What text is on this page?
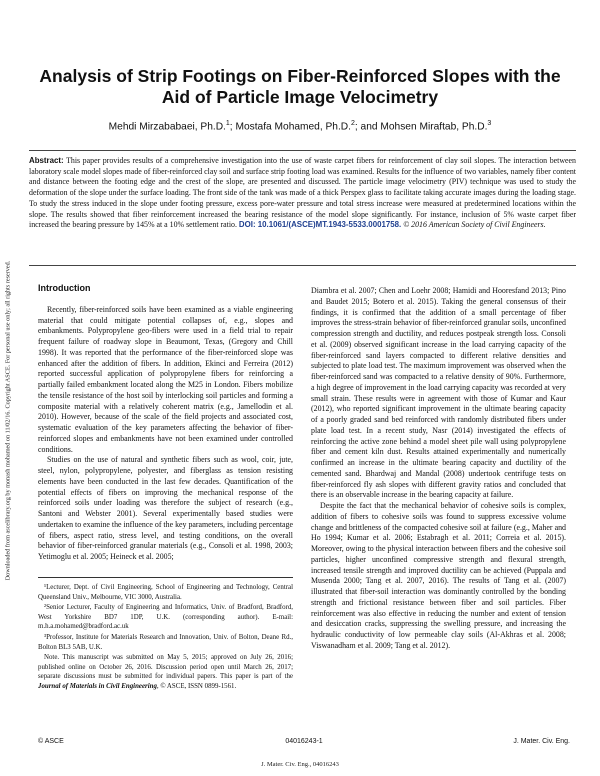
Downloaded from ascelibrary.org by monash mohamed on 11/02/16. Copyright ASCE. For personal use only; all rights reserved.
Analysis of Strip Footings on Fiber-Reinforced Slopes with the Aid of Particle Image Velocimetry
Mehdi Mirzababaei, Ph.D.$^1$; Mostafa Mohamed, Ph.D.$^2$; and Mohsen Miraftab, Ph.D.$^3$
Abstract: This paper provides results of a comprehensive investigation into the use of waste carpet fibers for reinforcement of clay soil slopes. The interaction between laboratory scale model slopes made of fiber-reinforced clay soil and surface strip footing load was examined. Results for the influence of two variables, namely fiber content and distance between the footing edge and the crest of the slope, are presented and discussed. The particle image velocimetry (PIV) technique was used to study the deformation of the slope under the surface loading. The front side of the tank was made of a thick Perspex glass to facilitate taking accurate images during the loading stage. To study the stress induced in the slope under footing pressure, excess pore-water pressure and total stress increase were measured at predetermined locations within the slope. The results showed that fiber reinforcement increased the bearing resistance of the model slope significantly. For instance, inclusion of 5% waste carpet fiber increased the bearing pressure by 145% at a 10% settlement ratio. DOI: 10.1061/(ASCE)MT.1943-5533.0001758. © 2016 American Society of Civil Engineers.
Introduction

Recently, fiber-reinforced soils have been examined as a viable engineering material that could mitigate potential collapses of, e.g., slopes and embankments. Polypropylene geo-fibers were used in a field trial to repair frequent failure of roadway slope in Beaumont, Texas, (Gregory and Chill 1998). It was reported that the performance of the fiber-reinforced slope was enhanced after the addition of fibers. In addition, Ekinci and Ferreira (2012) reported successful application of polypropylene fibers for reinforcing a partially failed embankment located along the M25 in London. Fibers mobilize the tensile resistance of the host soil by interlocking soil particles and forming a composite material with a relatively coherent matrix (e.g., Jamellodin et al. 2010). However, because of the scale of the field projects and associated cost, systematic evaluation of the key parameters affecting the behavior of fiber-reinforced slopes and embankments have not been examined under controlled conditions.

Studies on the use of natural and synthetic fibers such as wool, coir, jute, steel, nylon, polypropylene, polyester, and fiberglass as tension resisting elements have been conducted in the last few decades. Quantification of the potential effects of fibers on improving the mechanical response of the reinforced soils under loading was therefore the subject of research (e.g., Santoni and Webster 2001). Several experimentally based studies were undertaken to examine the influence of the key parameters, including percentage of fibers, aspect ratio, stress level, and testing conditions, on the overall behavior of fiber-reinforced granular materials (e.g., Consoli et al. 1998, 2003; Yetimoglu et al. 2005; Heineck et al. 2005;

Diambra et al. 2007; Chen and Loehr 2008; Hamidi and Hooresfand 2013; Pino and Baudet 2015; Botero et al. 2015). Taking the general consensus of their findings, it is confirmed that the addition of a small percentage of fiber improves the stress-strain behavior of fiber-reinforced granular soils, unconfined compression strength and ductility, and reduces postpeak strength loss. Consoli et al. (2009) observed significant increase in the load carrying capacity of the fiber-reinforced sand layers compacted to different relative densities and subjected to plate load test. The maximum improvement was observed when the fiber-reinforced sand was compacted to a relative density of 90%. Furthermore, a high degree of improvement in the load carrying capacity was recorded at very small strain. These results were in agreement with those of Kumar and Kaur (2012), who reported significant improvement in the ultimate bearing capacity of a poorly graded sand bed reinforced with randomly distributed fibers under plate load test. In a recent study, Nasr (2014) investigated the effects of reinforcing the active zone behind a model sheet pile wall using polypropylene fiber and cement kiln dust. Results attained experimentally and numerically confirmed an increase in the ultimate bearing capacity and ductility of the cemented sand. Bhardwaj and Mandal (2008) undertook centrifuge tests on fiber-reinforced fly ash slopes with different gravity ratios and concluded that there is an observable increase in the bearing capacity at failure.

Despite the fact that the mechanical behavior of cohesive soils is complex, addition of fibers to cohesive soils was found to suppress excessive volume change and brittleness of the compacted cohesive soil at failure (e.g., Maher and Ho 1994; Kumar et al. 2006; Estabragh et al. 2011; Correia et al. 2015). Moreover, owing to the physical interaction between fibers and the cohesive soil particles, higher unconfined compressive strength and flexural strength, increased tensile strength and improved ductility can be achieved (Puppala and Musenda 2000; Tang et al. 2007, 2016). The results of Tang et al. (2007) illustrated that fiber-soil interaction was dominantly controlled by the bonding strength and frictional resistance between fiber and soil particles. Fiber reinforcement was also effective in reducing the number and extent of tension and desiccation cracks, suppressing the swelling pressure, and increasing the hydraulic conductivity of low permeable clay soils (Al-Akhras et al. 2008; Viswanadham et al. 2009; Tang et al. 2012).

¹Lecturer, Dept. of Civil Engineering, School of Engineering and Technology, Central Queensland Univ., Melbourne, VIC 3000, Australia.

²Senior Lecturer, Faculty of Engineering and Informatics, Univ. of Bradford, Bradford, West Yorkshire BD7 1DP, U.K. (corresponding author). E-mail: m.h.a.mohamed@bradford.ac.uk

³Professor, Institute for Materials Research and Innovation, Univ. of Bolton, Deane Rd., Bolton BL3 5AB, U.K.

Note. This manuscript was submitted on May 5, 2015; approved on July 26, 2016; published online on October 26, 2016. Discussion period open until March 26, 2017; separate discussions must be submitted for individual papers. This paper is part of the Journal of Materials in Civil Engineering, © ASCE, ISSN 0899-1561.

© ASCE	04016243-1	J. Mater. Civ. Eng.
J. Mater. Civ. Eng., 04016243
